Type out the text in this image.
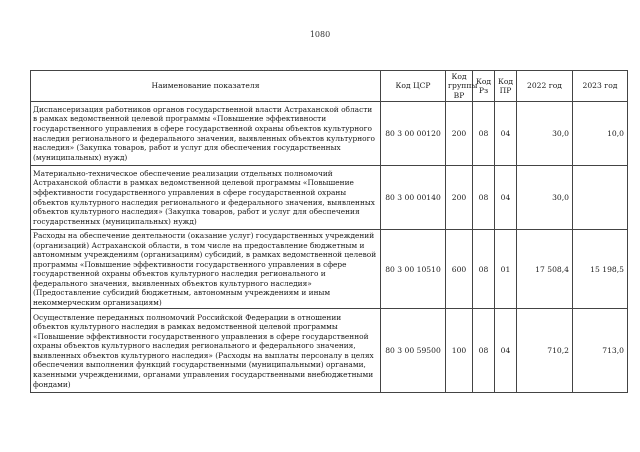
1080
Наименование показателя	Код ЦСР	Код группы ВР	Код Рз	Код ПР	2022 год	2023 год
Диспансеризация работников органов государственной власти Астраханской области в рамках ведомственной целевой программы «Повышение эффективности государственного управления в сфере государственной охраны объектов культурного наследия регионального и федерального значения, выявленных объектов культурного наследия» (Закупка товаров, работ и услуг для обеспечения государственных (муниципальных) нужд)	80 3 00 00120	200	08	04	30,0	10,0
Материально-техническое обеспечение реализации отдельных полномочий Астраханской области в рамках ведомственной целевой программы «Повышение эффективности государственного управления в сфере государственной охраны объектов культурного наследия регионального и федерального значения, выявленных объектов культурного наследия» (Закупка товаров, работ и услуг для обеспечения государственных (муниципальных) нужд)	80 3 00 00140	200	08	04	30,0	
Расходы на обеспечение деятельности (оказание услуг) государственных учреждений (организаций) Астраханской области, в том числе на предоставление бюджетным и автономным учреждениям (организациям) субсидий, в рамках ведомственной целевой программы «Повышение эффективности государственного управления в сфере государственной охраны объектов культурного наследия регионального и федерального значения, выявленных объектов культурного наследия» (Предоставление субсидий бюджетным, автономным учреждениям и иным некоммерческим организациям)	80 3 00 10510	600	08	01	17 508,4	15 198,5
Осуществление переданных полномочий Российской Федерации в отношении объектов культурного наследия в рамках ведомственной целевой программы «Повышение эффективности государственного управления в сфере государственной охраны объектов культурного наследия регионального и федерального значения, выявленных объектов культурного наследия» (Расходы на выплаты персоналу в целях обеспечения выполнения функций государственными (муниципальными) органами, казенными учреждениями, органами управления государственными внебюджетными фондами)	80 3 00 59500	100	08	04	710,2	713,0
